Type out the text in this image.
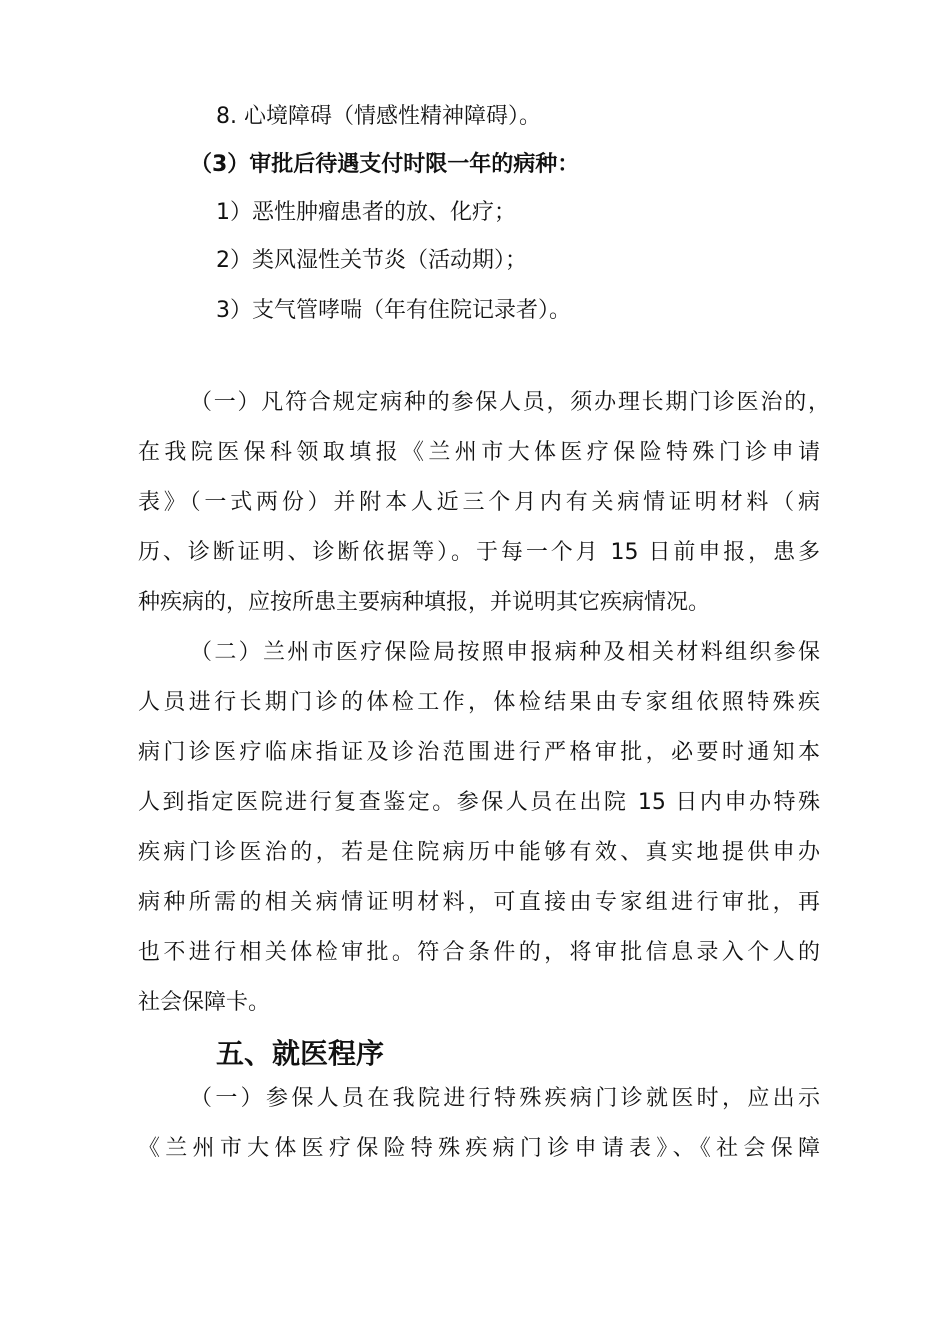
8. 心境障碍（情感性精神障碍）。
（3）审批后待遇支付时限一年的病种：
1）恶性肿瘤患者的放、化疗；
2）类风湿性关节炎（活动期）；
3）支气管哮喘（年有住院记录者）。
（一）凡符合规定病种的参保人员，须办理长期门诊医治的，
在我院医保科领取填报《兰州市大体医疗保险特殊门诊申请
表》（一式两份）并附本人近三个月内有关病情证明材料（病
历、诊断证明、诊断依据等）。于每一个月 15 日前申报，患多
种疾病的，应按所患主要病种填报，并说明其它疾病情况。
（二）兰州市医疗保险局按照申报病种及相关材料组织参保
人员进行长期门诊的体检工作，体检结果由专家组依照特殊疾
病门诊医疗临床指证及诊治范围进行严格审批，必要时通知本
人到指定医院进行复查鉴定。参保人员在出院 15 日内申办特殊
疾病门诊医治的，若是住院病历中能够有效、真实地提供申办
病种所需的相关病情证明材料，可直接由专家组进行审批，再
也不进行相关体检审批。符合条件的，将审批信息录入个人的
社会保障卡。
五、就医程序
（一）参保人员在我院进行特殊疾病门诊就医时，应出示
《兰州市大体医疗保险特殊疾病门诊申请表》、《社会保障
